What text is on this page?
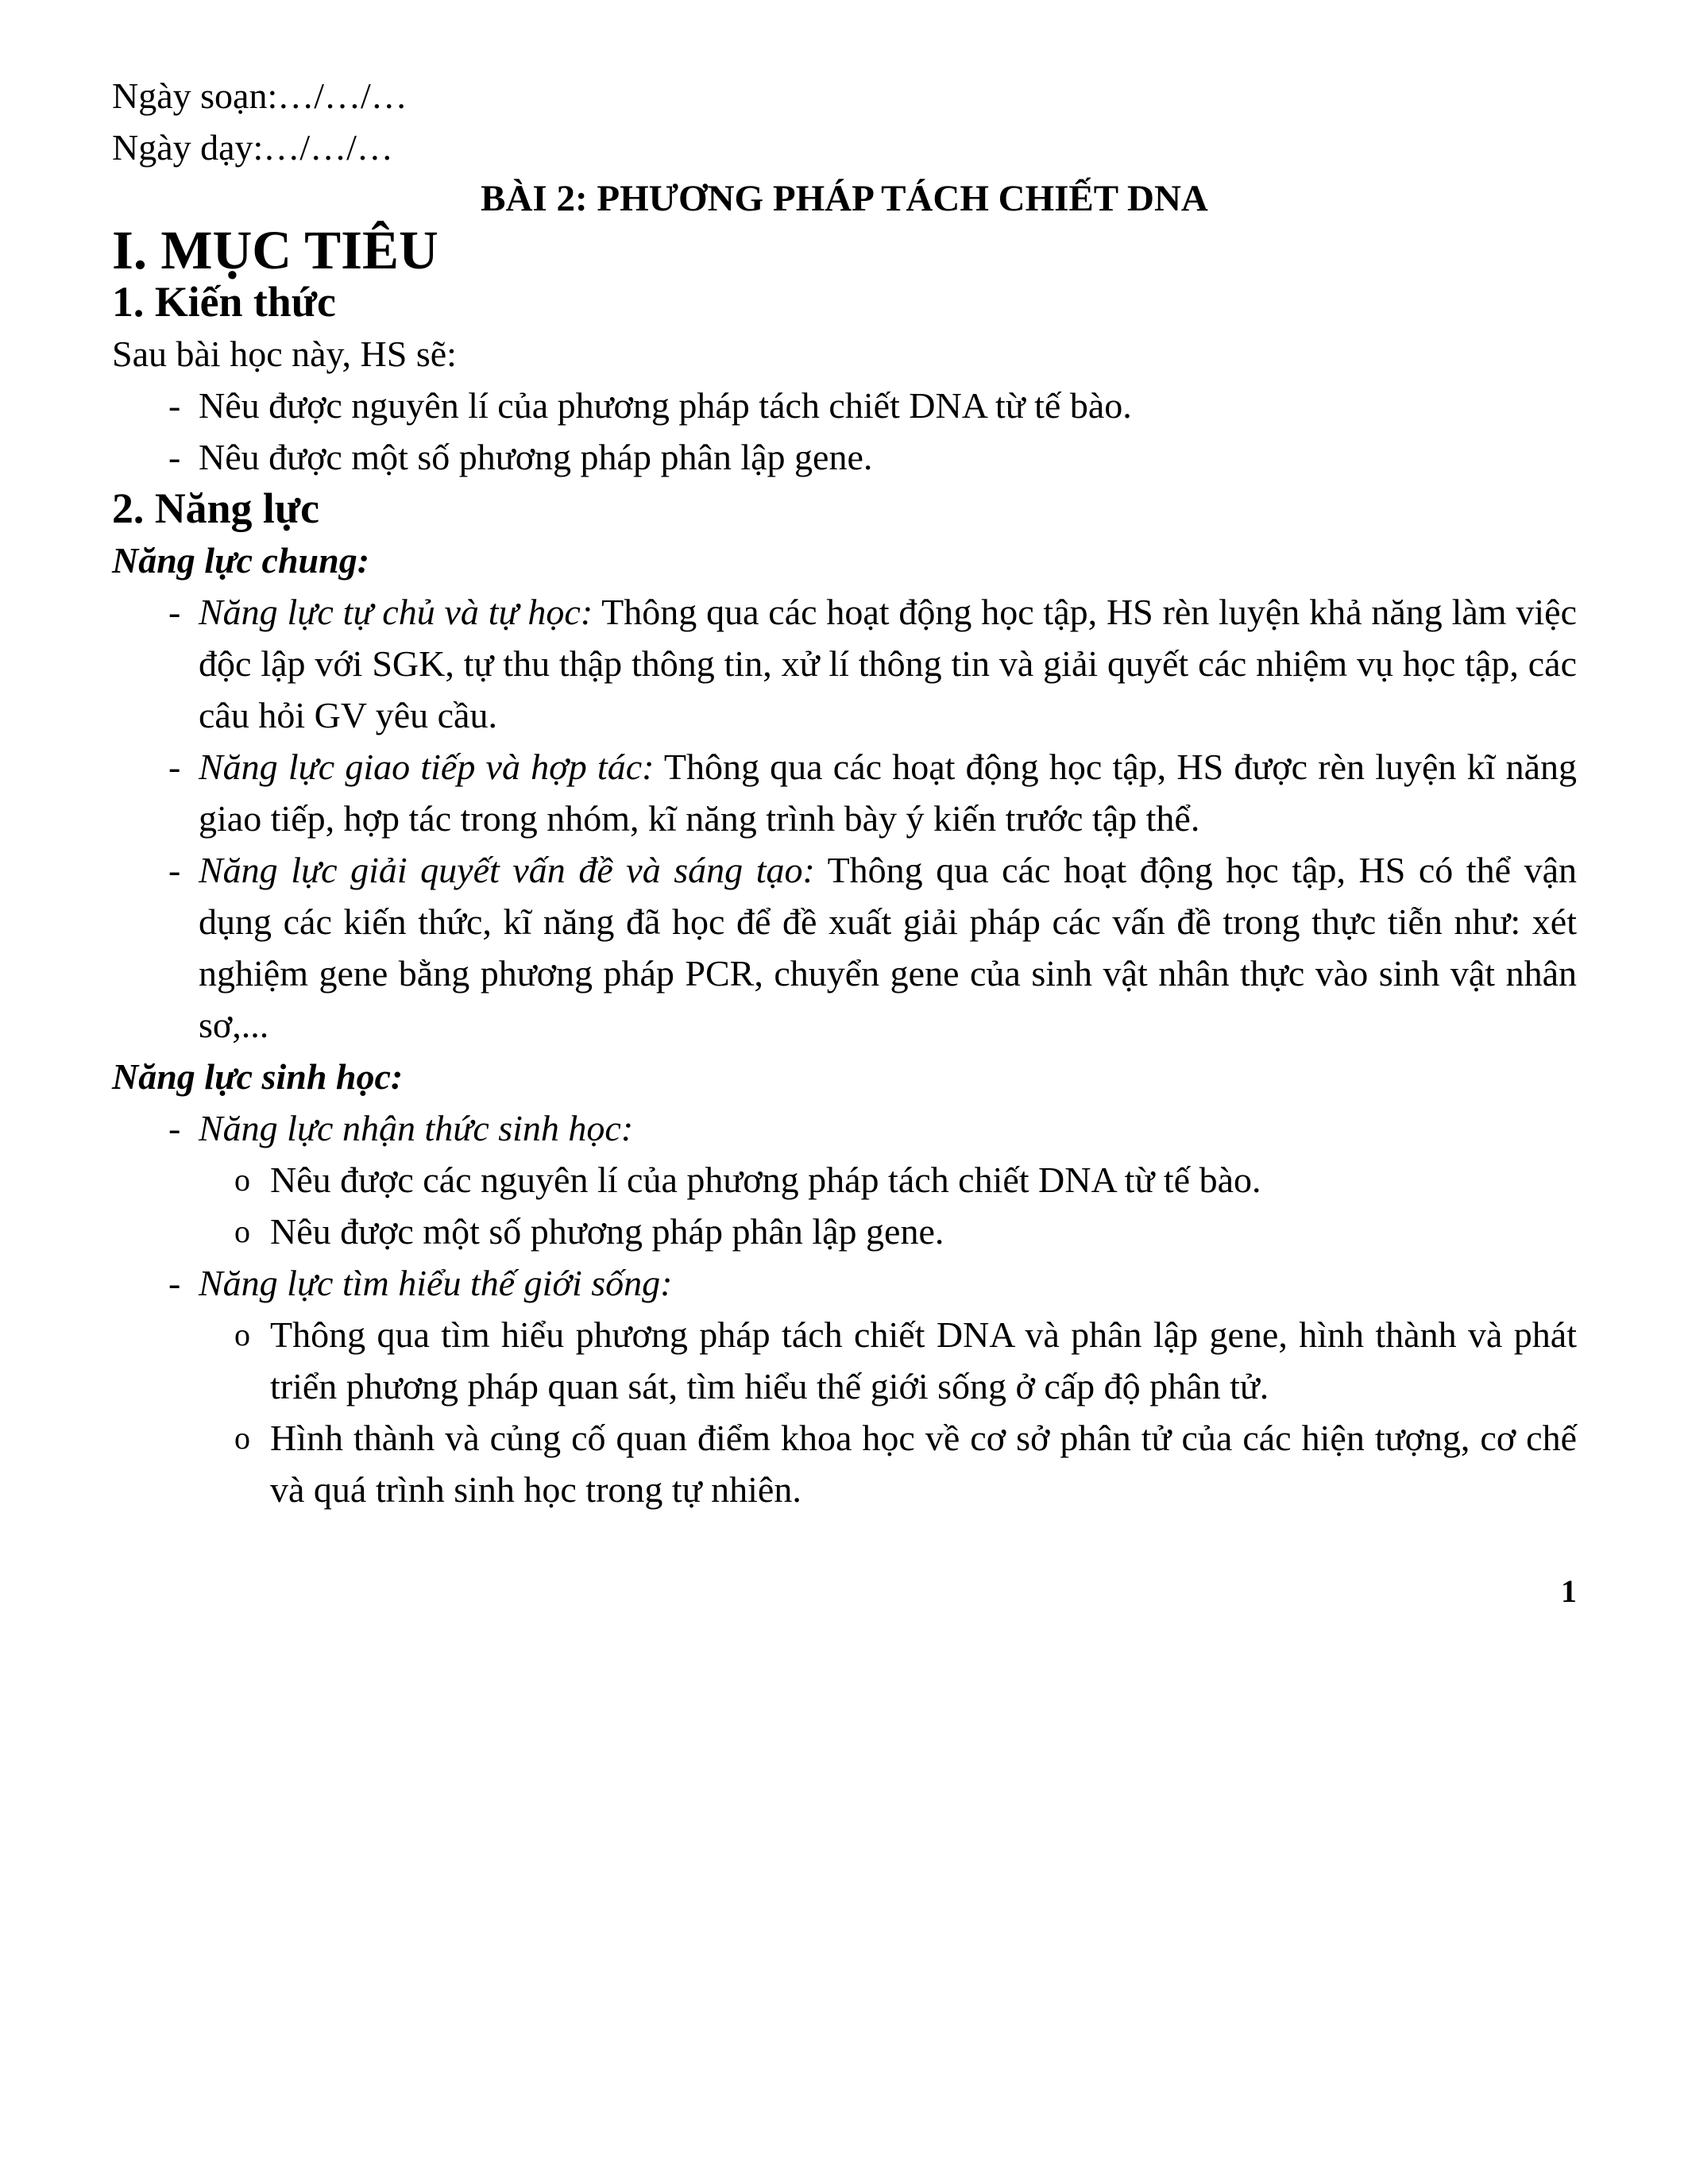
Ngày soạn:…/…/…

Ngày dạy:…/…/…

BÀI 2: PHƯƠNG PHÁP TÁCH CHIẾT DNA
I. MỤC TIÊU
1. Kiến thức

Sau bài học này, HS sẽ:

- Nêu được nguyên lí của phương pháp tách chiết DNA từ tế bào.
- Nêu được một số phương pháp phân lập gene.
2. Năng lực

Năng lực chung:

- Năng lực tự chủ và tự học: Thông qua các hoạt động học tập, HS rèn luyện khả năng làm việc độc lập với SGK, tự thu thập thông tin, xử lí thông tin và giải quyết các nhiệm vụ học tập, các câu hỏi GV yêu cầu.
- Năng lực giao tiếp và hợp tác: Thông qua các hoạt động học tập, HS được rèn luyện kĩ năng giao tiếp, hợp tác trong nhóm, kĩ năng trình bày ý kiến trước tập thể.
- Năng lực giải quyết vấn đề và sáng tạo: Thông qua các hoạt động học tập, HS có thể vận dụng các kiến thức, kĩ năng đã học để đề xuất giải pháp các vấn đề trong thực tiễn như: xét nghiệm gene bằng phương pháp PCR, chuyển gene của sinh vật nhân thực vào sinh vật nhân sơ,...

Năng lực sinh học:

- Năng lực nhận thức sinh học:
o Nêu được các nguyên lí của phương pháp tách chiết DNA từ tế bào.
o Nêu được một số phương pháp phân lập gene.
- Năng lực tìm hiểu thế giới sống:
o Thông qua tìm hiểu phương pháp tách chiết DNA và phân lập gene, hình thành và phát triển phương pháp quan sát, tìm hiểu thế giới sống ở cấp độ phân tử.
o Hình thành và củng cố quan điểm khoa học về cơ sở phân tử của các hiện tượng, cơ chế và quá trình sinh học trong tự nhiên.
1
